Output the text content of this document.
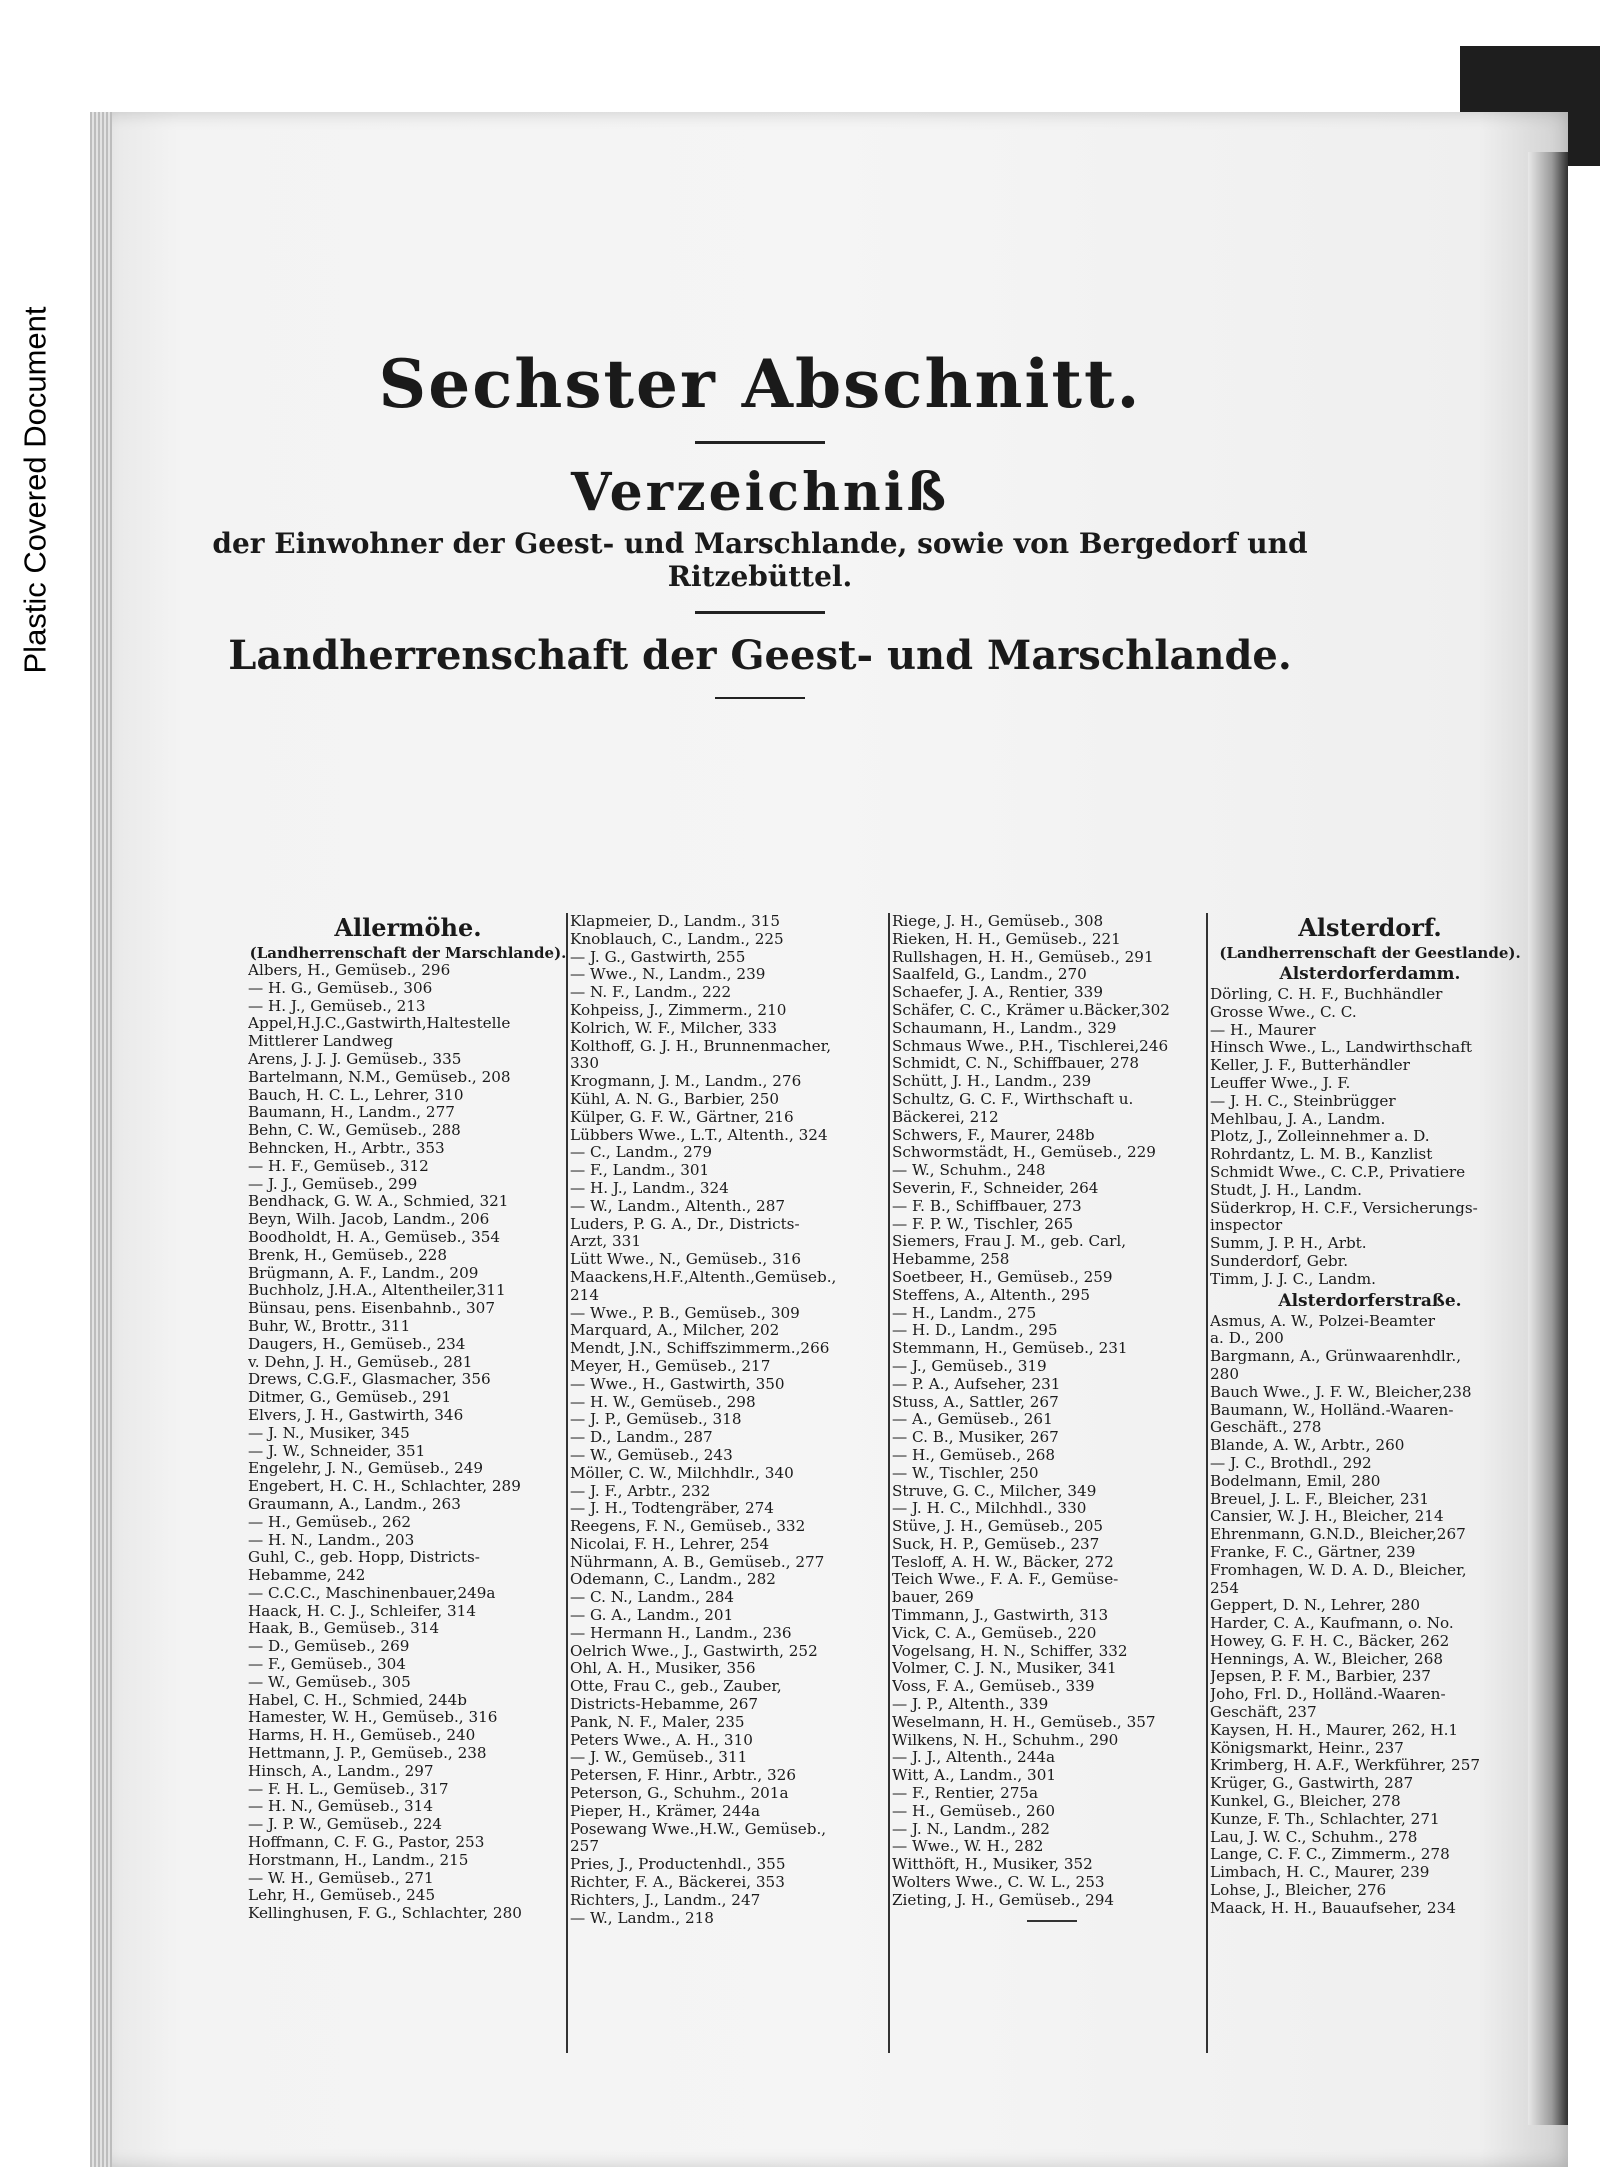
Plastic Covered Document	Sechster Abschnitt.
Verzeichniß

der Einwohner der Geest- und Marschlande, sowie von Bergedorf und Ritzebüttel.

Landherrenschaft der Geest- und Marschlande.
Allermöhe.
(Landherrenschaft der Marschlande).

Albers, H., Gemüseb., 296

— H. G., Gemüseb., 306

— H. J., Gemüseb., 213

Appel,H.J.C.,Gastwirth,Haltestelle

Mittlerer Landweg

Arens, J. J. J. Gemüseb., 335

Bartelmann, N.M., Gemüseb., 208

Bauch, H. C. L., Lehrer, 310

Baumann, H., Landm., 277

Behn, C. W., Gemüseb., 288

Behncken, H., Arbtr., 353

— H. F., Gemüseb., 312

— J. J., Gemüseb., 299

Bendhack, G. W. A., Schmied, 321

Beyn, Wilh. Jacob, Landm., 206

Boodholdt, H. A., Gemüseb., 354

Brenk, H., Gemüseb., 228

Brügmann, A. F., Landm., 209

Buchholz, J.H.A., Altentheiler,311

Bünsau, pens. Eisenbahnb., 307

Buhr, W., Brottr., 311

Daugers, H., Gemüseb., 234

v. Dehn, J. H., Gemüseb., 281

Drews, C.G.F., Glasmacher, 356

Ditmer, G., Gemüseb., 291

Elvers, J. H., Gastwirth, 346

— J. N., Musiker, 345

— J. W., Schneider, 351

Engelehr, J. N., Gemüseb., 249

Engebert, H. C. H., Schlachter, 289

Graumann, A., Landm., 263

— H., Gemüseb., 262

— H. N., Landm., 203

Guhl, C., geb. Hopp, Districts-

Hebamme, 242

— C.C.C., Maschinenbauer,249a

Haack, H. C. J., Schleifer, 314

Haak, B., Gemüseb., 314

— D., Gemüseb., 269

— F., Gemüseb., 304

— W., Gemüseb., 305

Habel, C. H., Schmied, 244b

Hamester, W. H., Gemüseb., 316

Harms, H. H., Gemüseb., 240

Hettmann, J. P., Gemüseb., 238

Hinsch, A., Landm., 297

— F. H. L., Gemüseb., 317

— H. N., Gemüseb., 314

— J. P. W., Gemüseb., 224

Hoffmann, C. F. G., Pastor, 253

Horstmann, H., Landm., 215

— W. H., Gemüseb., 271

Lehr, H., Gemüseb., 245

Kellinghusen, F. G., Schlachter, 280

Klapmeier, D., Landm., 315

Knoblauch, C., Landm., 225

— J. G., Gastwirth, 255

— Wwe., N., Landm., 239

— N. F., Landm., 222

Kohpeiss, J., Zimmerm., 210

Kolrich, W. F., Milcher, 333

Kolthoff, G. J. H., Brunnenmacher,

330

Krogmann, J. M., Landm., 276

Kühl, A. N. G., Barbier, 250

Külper, G. F. W., Gärtner, 216

Lübbers Wwe., L.T., Altenth., 324

— C., Landm., 279

— F., Landm., 301

— H. J., Landm., 324

— W., Landm., Altenth., 287

Luders, P. G. A., Dr., Districts-

Arzt, 331

Lütt Wwe., N., Gemüseb., 316

Maackens,H.F.,Altenth.,Gemüseb.,

214

— Wwe., P. B., Gemüseb., 309

Marquard, A., Milcher, 202

Mendt, J.N., Schiffszimmerm.,266

Meyer, H., Gemüseb., 217

— Wwe., H., Gastwirth, 350

— H. W., Gemüseb., 298

— J. P., Gemüseb., 318

— D., Landm., 287

— W., Gemüseb., 243

Möller, C. W., Milchhdlr., 340

— J. F., Arbtr., 232

— J. H., Todtengräber, 274

Reegens, F. N., Gemüseb., 332

Nicolai, F. H., Lehrer, 254

Nührmann, A. B., Gemüseb., 277

Odemann, C., Landm., 282

— C. N., Landm., 284

— G. A., Landm., 201

— Hermann H., Landm., 236

Oelrich Wwe., J., Gastwirth, 252

Ohl, A. H., Musiker, 356

Otte, Frau C., geb., Zauber,

Districts-Hebamme, 267

Pank, N. F., Maler, 235

Peters Wwe., A. H., 310

— J. W., Gemüseb., 311

Petersen, F. Hinr., Arbtr., 326

Peterson, G., Schuhm., 201a

Pieper, H., Krämer, 244a

Posewang Wwe.,H.W., Gemüseb.,

257

Pries, J., Productenhdl., 355

Richter, F. A., Bäckerei, 353

Richters, J., Landm., 247

— W., Landm., 218

Riege, J. H., Gemüseb., 308

Rieken, H. H., Gemüseb., 221

Rullshagen, H. H., Gemüseb., 291

Saalfeld, G., Landm., 270

Schaefer, J. A., Rentier, 339

Schäfer, C. C., Krämer u.Bäcker,302

Schaumann, H., Landm., 329

Schmaus Wwe., P.H., Tischlerei,246

Schmidt, C. N., Schiffbauer, 278

Schütt, J. H., Landm., 239

Schultz, G. C. F., Wirthschaft u.

Bäckerei, 212

Schwers, F., Maurer, 248b

Schwormstädt, H., Gemüseb., 229

— W., Schuhm., 248

Severin, F., Schneider, 264

— F. B., Schiffbauer, 273

— F. P. W., Tischler, 265

Siemers, Frau J. M., geb. Carl,

Hebamme, 258

Soetbeer, H., Gemüseb., 259

Steffens, A., Altenth., 295

— H., Landm., 275

— H. D., Landm., 295

Stemmann, H., Gemüseb., 231

— J., Gemüseb., 319

— P. A., Aufseher, 231

Stuss, A., Sattler, 267

— A., Gemüseb., 261

— C. B., Musiker, 267

— H., Gemüseb., 268

— W., Tischler, 250

Struve, G. C., Milcher, 349

— J. H. C., Milchhdl., 330

Stüve, J. H., Gemüseb., 205

Suck, H. P., Gemüseb., 237

Tesloff, A. H. W., Bäcker, 272

Teich Wwe., F. A. F., Gemüse-

bauer, 269

Timmann, J., Gastwirth, 313

Vick, C. A., Gemüseb., 220

Vogelsang, H. N., Schiffer, 332

Volmer, C. J. N., Musiker, 341

Voss, F. A., Gemüseb., 339

— J. P., Altenth., 339

Weselmann, H. H., Gemüseb., 357

Wilkens, N. H., Schuhm., 290

— J. J., Altenth., 244a

Witt, A., Landm., 301

— F., Rentier, 275a

— H., Gemüseb., 260

— J. N., Landm., 282

— Wwe., W. H., 282

Witthöft, H., Musiker, 352

Wolters Wwe., C. W. L., 253

Zieting, J. H., Gemüseb., 294

Alsterdorf.
(Landherrenschaft der Geestlande).
Alsterdorferdamm.

Dörling, C. H. F., Buchhändler

Grosse Wwe., C. C.

— H., Maurer

Hinsch Wwe., L., Landwirthschaft

Keller, J. F., Butterhändler

Leuffer Wwe., J. F.

— J. H. C., Steinbrügger

Mehlbau, J. A., Landm.

Plotz, J., Zolleinnehmer a. D.

Rohrdantz, L. M. B., Kanzlist

Schmidt Wwe., C. C.P., Privatiere

Studt, J. H., Landm.

Süderkrop, H. C.F., Versicherungs-

inspector

Summ, J. P. H., Arbt.

Sunderdorf, Gebr.

Timm, J. J. C., Landm.

Alsterdorferstraße.

Asmus, A. W., Polzei-Beamter

a. D., 200

Bargmann, A., Grünwaarenhdlr.,

280

Bauch Wwe., J. F. W., Bleicher,238

Baumann, W., Holländ.-Waaren-

Geschäft., 278

Blande, A. W., Arbtr., 260

— J. C., Brothdl., 292

Bodelmann, Emil, 280

Breuel, J. L. F., Bleicher, 231

Cansier, W. J. H., Bleicher, 214

Ehrenmann, G.N.D., Bleicher,267

Franke, F. C., Gärtner, 239

Fromhagen, W. D. A. D., Bleicher,

254

Geppert, D. N., Lehrer, 280

Harder, C. A., Kaufmann, o. No.

Howey, G. F. H. C., Bäcker, 262

Hennings, A. W., Bleicher, 268

Jepsen, P. F. M., Barbier, 237

Joho, Frl. D., Holländ.-Waaren-

Geschäft, 237

Kaysen, H. H., Maurer, 262, H.1

Königsmarkt, Heinr., 237

Krimberg, H. A.F., Werkführer, 257

Krüger, G., Gastwirth, 287

Kunkel, G., Bleicher, 278

Kunze, F. Th., Schlachter, 271

Lau, J. W. C., Schuhm., 278

Lange, C. F. C., Zimmerm., 278

Limbach, H. C., Maurer, 239

Lohse, J., Bleicher, 276

Maack, H. H., Bauaufseher, 234
